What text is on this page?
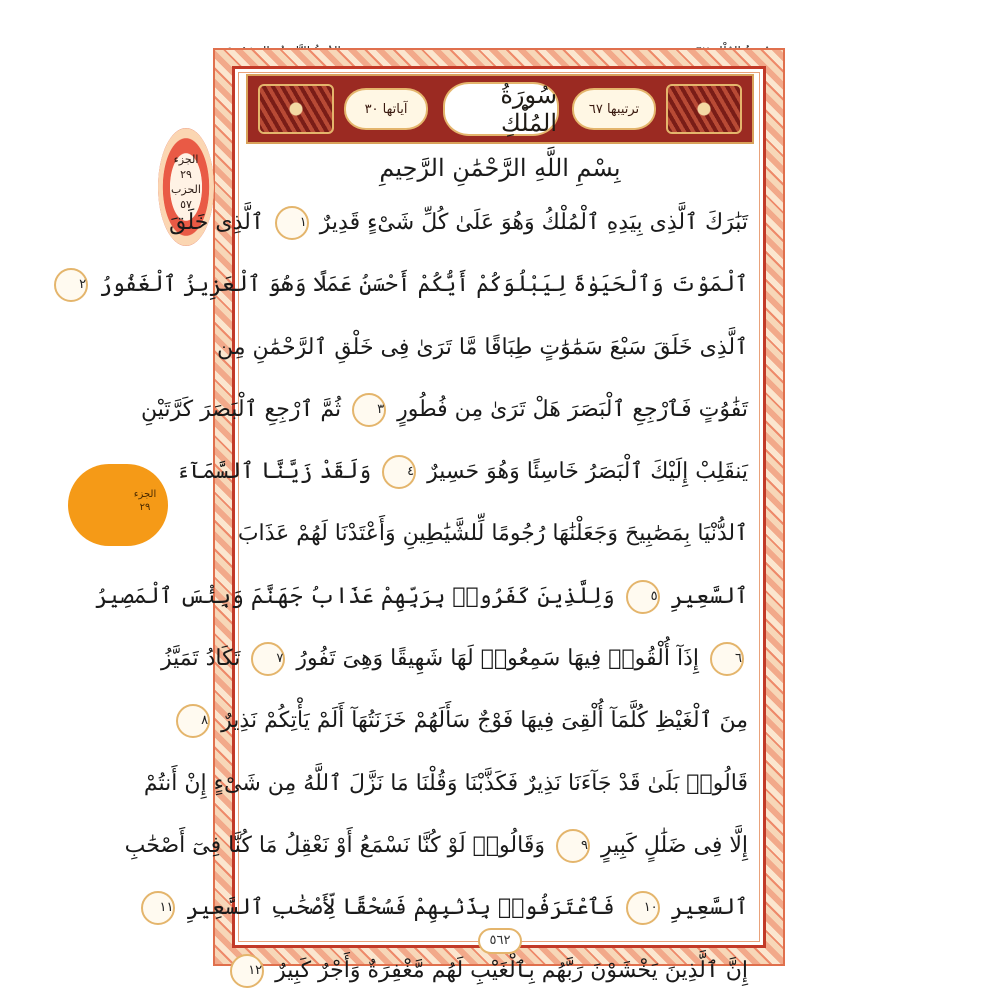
آياتها ٣٠	سُورَةُ المُلْكِ	ترتيبها ٦٧
بِسْمِ اللَّهِ الرَّحْمَٰنِ الرَّحِيمِ
الجزء
٢٩
الحزب
٥٧
الجزء
٢٩
تَبَٰرَكَ ٱلَّذِى بِيَدِهِ ٱلْمُلْكُ وَهُوَ عَلَىٰ كُلِّ شَىْءٍ قَدِيرٌ ١ ٱلَّذِى خَلَقَ
ٱلْمَوْتَ وَٱلْحَيَوٰةَ لِيَبْلُوَكُمْ أَيُّكُمْ أَحْسَنُ عَمَلًا وَهُوَ ٱلْعَزِيزُ ٱلْغَفُورُ ٢
ٱلَّذِى خَلَقَ سَبْعَ سَمَٰوَٰتٍ طِبَاقًا مَّا تَرَىٰ فِى خَلْقِ ٱلرَّحْمَٰنِ مِن
تَفَٰوُتٍ فَٱرْجِعِ ٱلْبَصَرَ هَلْ تَرَىٰ مِن فُطُورٍ ٣ ثُمَّ ٱرْجِعِ ٱلْبَصَرَ كَرَّتَيْنِ
يَنقَلِبْ إِلَيْكَ ٱلْبَصَرُ خَاسِئًا وَهُوَ حَسِيرٌ ٤ وَلَقَدْ زَيَّنَّا ٱلسَّمَآءَ
ٱلدُّنْيَا بِمَصَٰبِيحَ وَجَعَلْنَٰهَا رُجُومًا لِّلشَّيَٰطِينِ وَأَعْتَدْنَا لَهُمْ عَذَابَ
ٱلسَّعِيرِ ٥ وَلِلَّذِينَ كَفَرُوا۟ بِرَبِّهِمْ عَذَابُ جَهَنَّمَ وَبِئْسَ ٱلْمَصِيرُ
٦ إِذَآ أُلْقُوا۟ فِيهَا سَمِعُوا۟ لَهَا شَهِيقًا وَهِىَ تَفُورُ ٧ تَكَادُ تَمَيَّزُ
مِنَ ٱلْغَيْظِ كُلَّمَآ أُلْقِىَ فِيهَا فَوْجٌ سَأَلَهُمْ خَزَنَتُهَآ أَلَمْ يَأْتِكُمْ نَذِيرٌ ٨
قَالُوا۟ بَلَىٰ قَدْ جَآءَنَا نَذِيرٌ فَكَذَّبْنَا وَقُلْنَا مَا نَزَّلَ ٱللَّهُ مِن شَىْءٍ إِنْ أَنتُمْ
إِلَّا فِى ضَلَٰلٍ كَبِيرٍ ٩ وَقَالُوا۟ لَوْ كُنَّا نَسْمَعُ أَوْ نَعْقِلُ مَا كُنَّا فِىٓ أَصْحَٰبِ
ٱلسَّعِيرِ ١٠ فَٱعْتَرَفُوا۟ بِذَنۢبِهِمْ فَسُحْقًا لِّأَصْحَٰبِ ٱلسَّعِيرِ ١١
إِنَّ ٱلَّذِينَ يَخْشَوْنَ رَبَّهُم بِٱلْغَيْبِ لَهُم مَّغْفِرَةٌ وَأَجْرٌ كَبِيرٌ ١٢
٥٦٢
